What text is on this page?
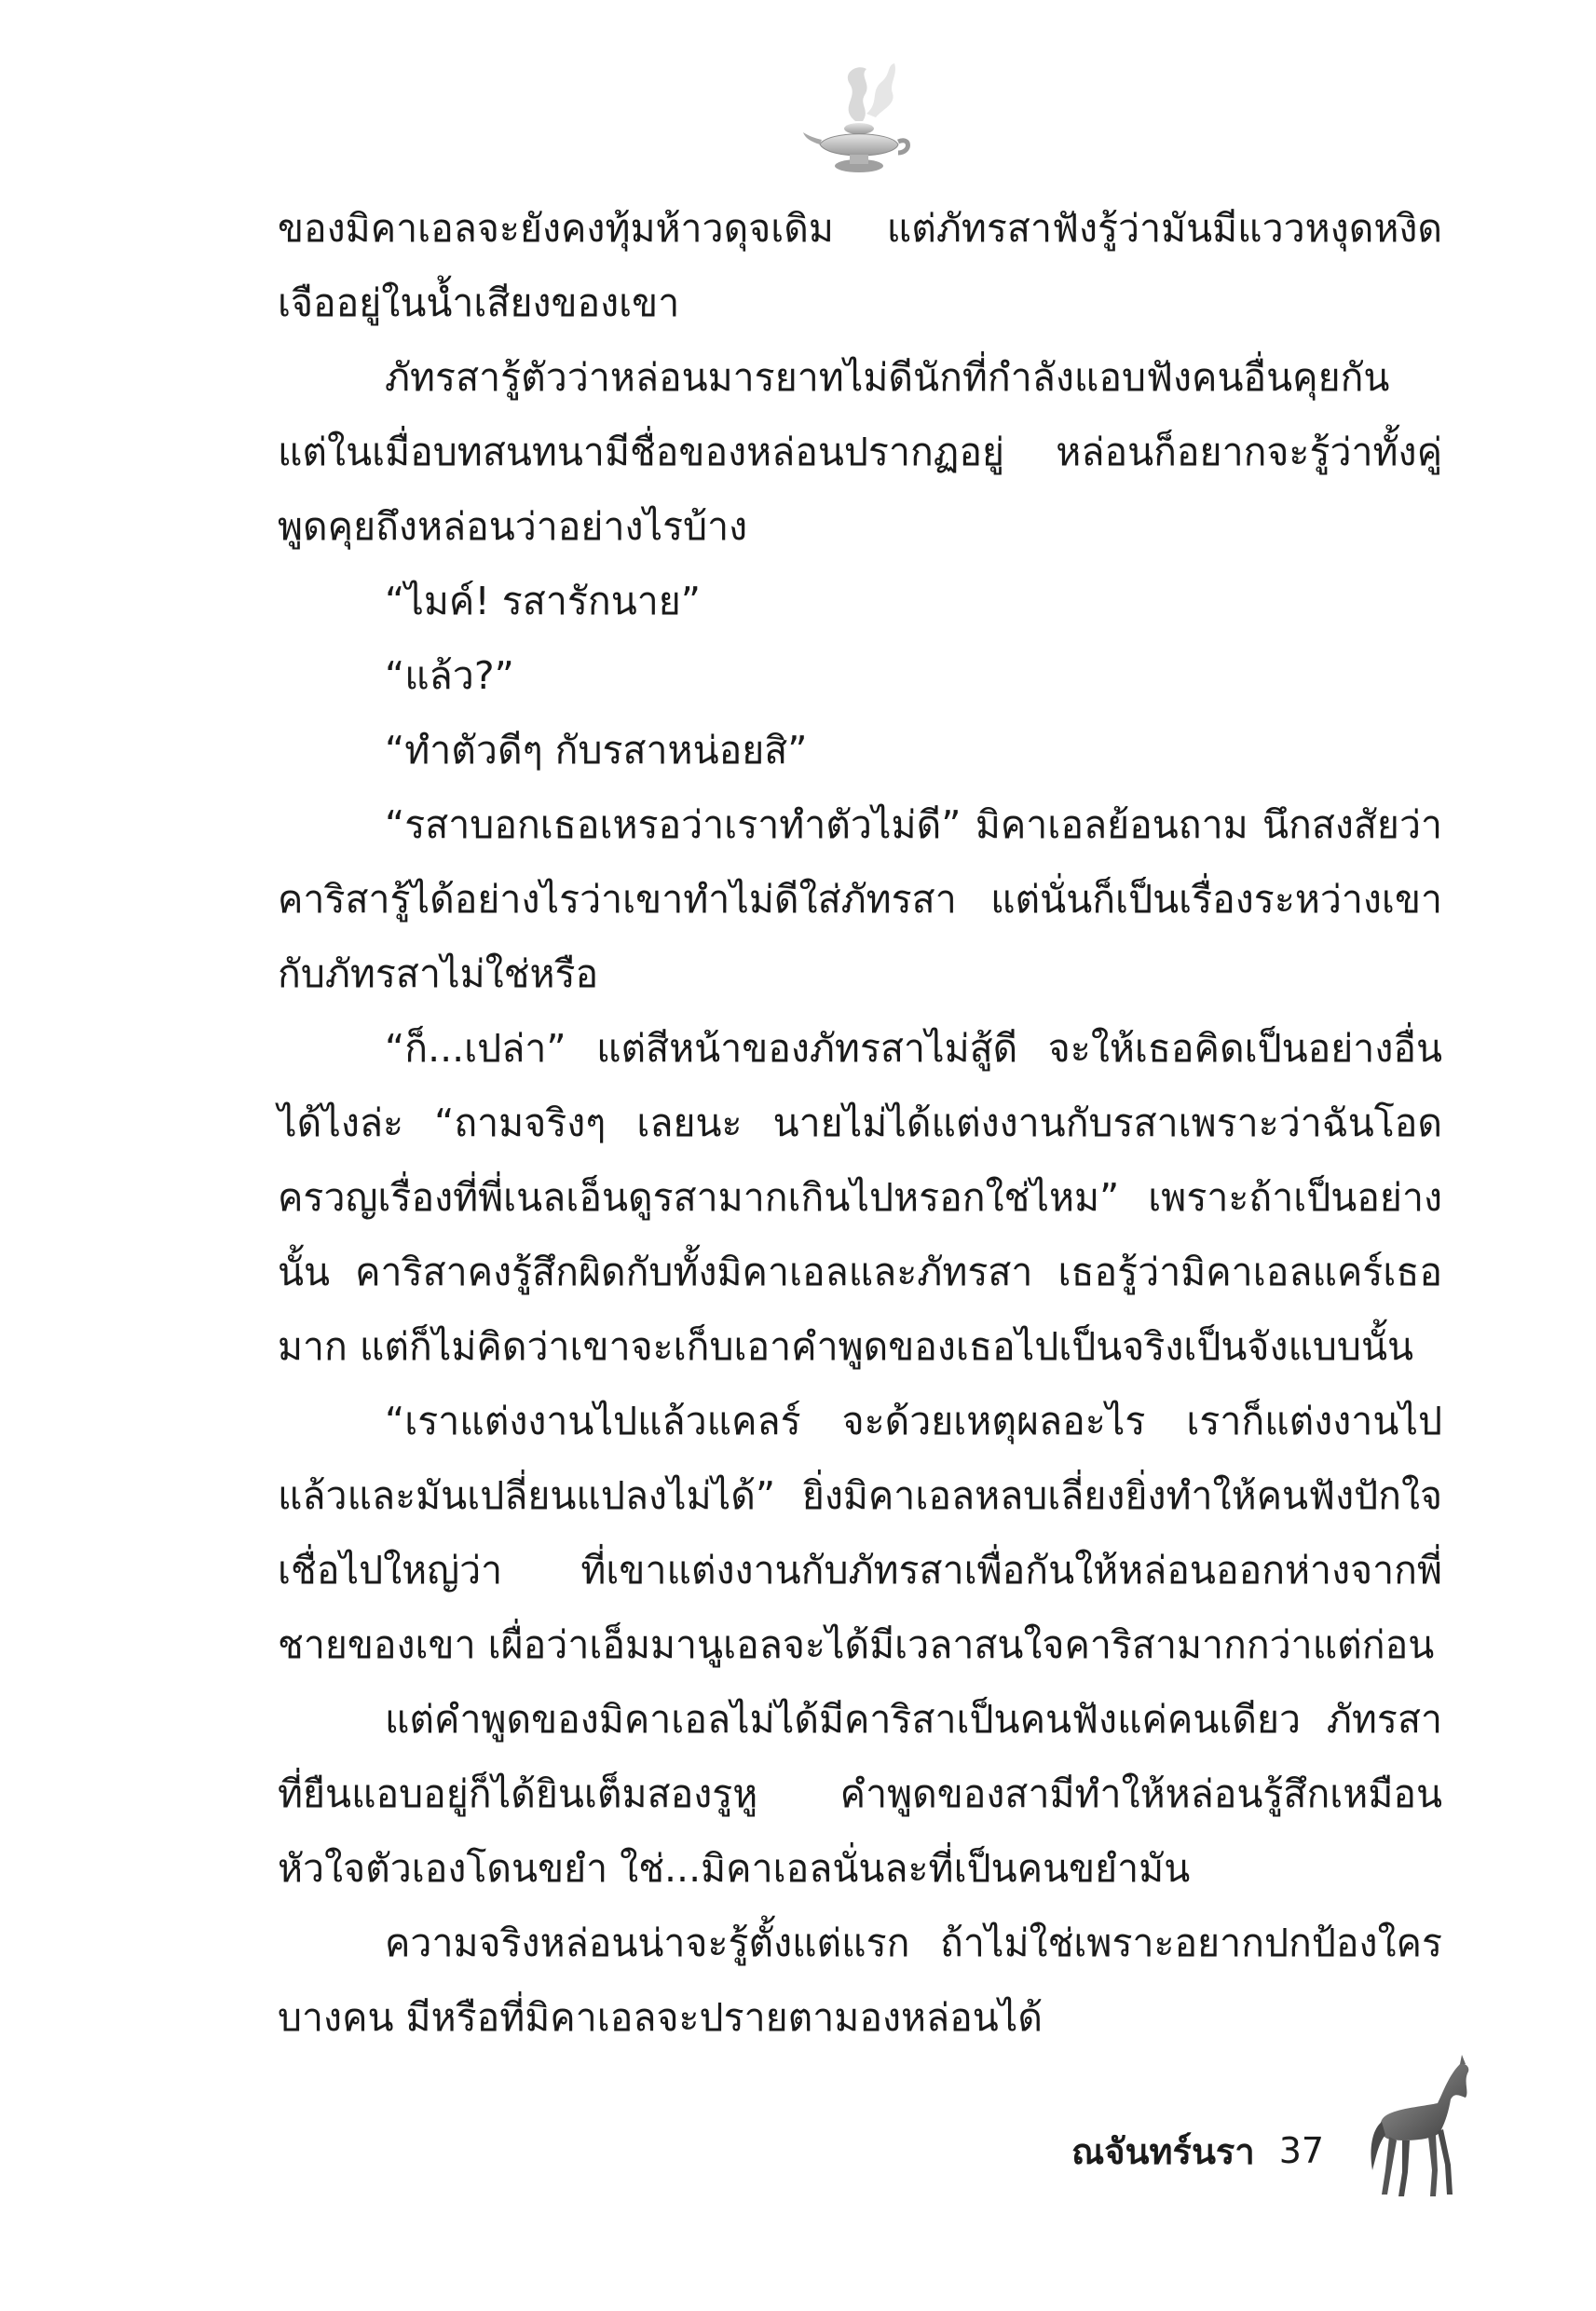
ของมิคาเอลจะยังคงทุ้มห้าวดุจเดิม แต่ภัทรสาฟังรู้ว่ามันมีแววหงุดหงิดเจืออยู่ในน้ำเสียงของเขา

ภัทรสารู้ตัวว่าหล่อนมารยาทไม่ดีนักที่กำลังแอบฟังคนอื่นคุยกัน แต่ในเมื่อบทสนทนามีชื่อของหล่อนปรากฏอยู่ หล่อนก็อยากจะรู้ว่าทั้งคู่พูดคุยถึงหล่อนว่าอย่างไรบ้าง

“ไมค์! รสารักนาย”

“แล้ว?”

“ทำตัวดีๆ กับรสาหน่อยสิ”

“รสาบอกเธอเหรอว่าเราทำตัวไม่ดี” มิคาเอลย้อนถาม นึกสงสัยว่าคาริสารู้ได้อย่างไรว่าเขาทำไม่ดีใส่ภัทรสา แต่นั่นก็เป็นเรื่องระหว่างเขากับภัทรสาไม่ใช่หรือ

“ก็...เปล่า” แต่สีหน้าของภัทรสาไม่สู้ดี จะให้เธอคิดเป็นอย่างอื่นได้ไงล่ะ “ถามจริงๆ เลยนะ นายไม่ได้แต่งงานกับรสาเพราะว่าฉันโอดครวญเรื่องที่พี่เนลเอ็นดูรสามากเกินไปหรอกใช่ไหม” เพราะถ้าเป็นอย่างนั้น คาริสาคงรู้สึกผิดกับทั้งมิคาเอลและภัทรสา เธอรู้ว่ามิคาเอลแคร์เธอมาก แต่ก็ไม่คิดว่าเขาจะเก็บเอาคำพูดของเธอไปเป็นจริงเป็นจังแบบนั้น

“เราแต่งงานไปแล้วแคลร์ จะด้วยเหตุผลอะไร เราก็แต่งงานไปแล้วและมันเปลี่ยนแปลงไม่ได้” ยิ่งมิคาเอลหลบเลี่ยงยิ่งทำให้คนฟังปักใจเชื่อไปใหญ่ว่า ที่เขาแต่งงานกับภัทรสาเพื่อกันให้หล่อนออกห่างจากพี่ชายของเขา เผื่อว่าเอ็มมานูเอลจะได้มีเวลาสนใจคาริสามากกว่าแต่ก่อน

แต่คำพูดของมิคาเอลไม่ได้มีคาริสาเป็นคนฟังแค่คนเดียว ภัทรสาที่ยืนแอบอยู่ก็ได้ยินเต็มสองรูหู คำพูดของสามีทำให้หล่อนรู้สึกเหมือนหัวใจตัวเองโดนขยำ ใช่...มิคาเอลนั่นละที่เป็นคนขยำมัน

ความจริงหล่อนน่าจะรู้ตั้งแต่แรก ถ้าไม่ใช่เพราะอยากปกป้องใครบางคน มีหรือที่มิคาเอลจะปรายตามองหล่อนได้

ณจันทร์นรา 37
